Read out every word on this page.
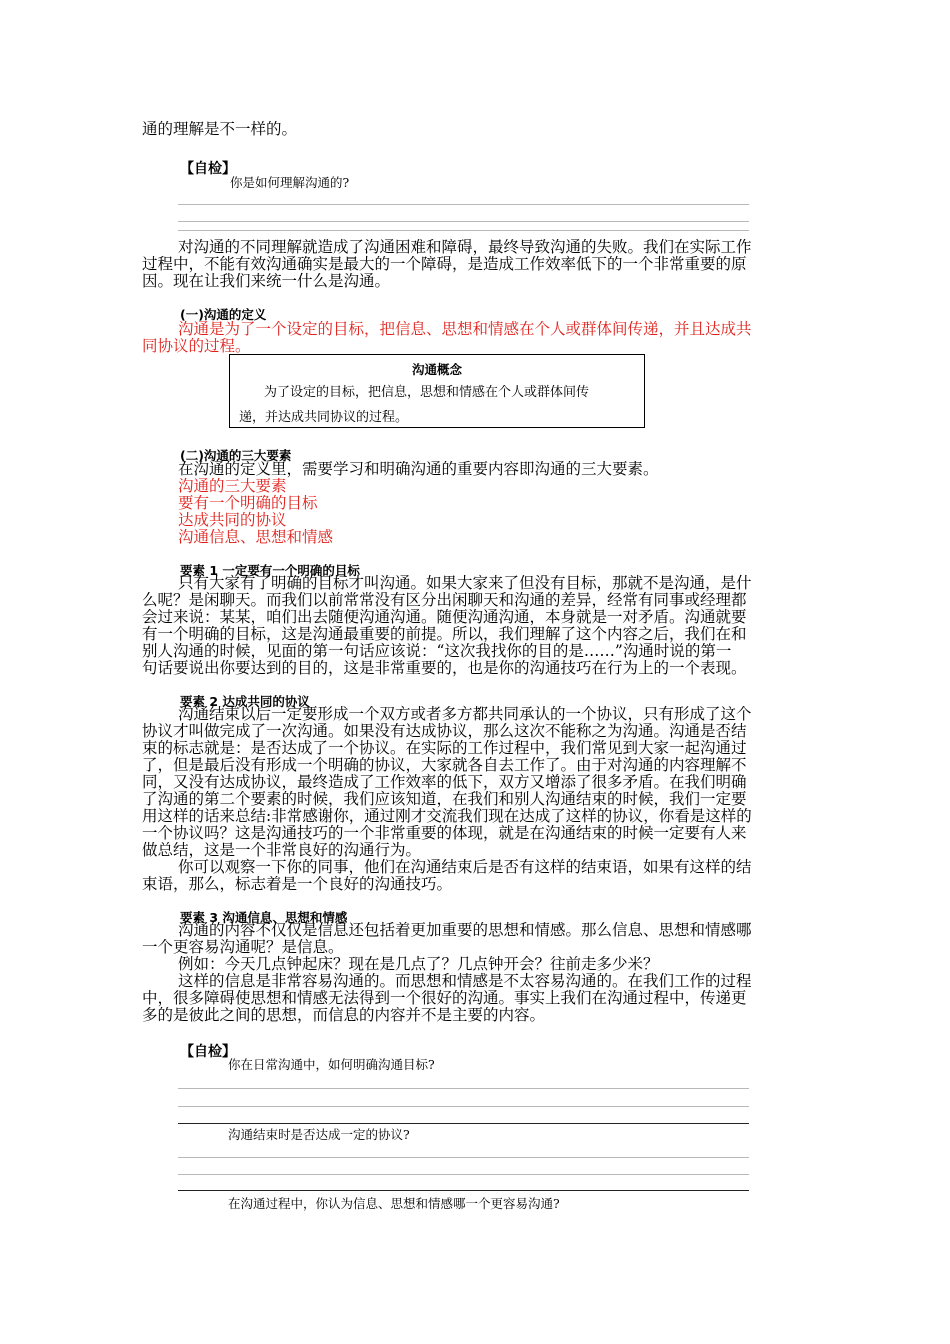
通的理解是不一样的。
【自检】
你是如何理解沟通的?
对沟通的不同理解就造成了沟通困难和障碍，最终导致沟通的失败。我们在实际工作
过程中，不能有效沟通确实是最大的一个障碍，是造成工作效率低下的一个非常重要的原
因。现在让我们来统一什么是沟通。
(一)沟通的定义
沟通是为了一个设定的目标，把信息、思想和情感在个人或群体间传递，并且达成共
同协议的过程。
沟通概念
为了设定的目标，把信息，思想和情感在个人或群体间传
递，并达成共同协议的过程。
(二)沟通的三大要素
在沟通的定义里，需要学习和明确沟通的重要内容即沟通的三大要素。
沟通的三大要素
要有一个明确的目标
达成共同的协议
沟通信息、思想和情感
要素 1 一定要有一个明确的目标
只有大家有了明确的目标才叫沟通。如果大家来了但没有目标，那就不是沟通，是什
么呢？是闲聊天。而我们以前常常没有区分出闲聊天和沟通的差异，经常有同事或经理都
会过来说：某某，咱们出去随便沟通沟通。随便沟通沟通，本身就是一对矛盾。沟通就要
有一个明确的目标，这是沟通最重要的前提。所以，我们理解了这个内容之后，我们在和
别人沟通的时候，见面的第一句话应该说：“这次我找你的目的是……”沟通时说的第一
句话要说出你要达到的目的，这是非常重要的，也是你的沟通技巧在行为上的一个表现。
要素 2 达成共同的协议
沟通结束以后一定要形成一个双方或者多方都共同承认的一个协议，只有形成了这个
协议才叫做完成了一次沟通。如果没有达成协议，那么这次不能称之为沟通。沟通是否结
束的标志就是：是否达成了一个协议。在实际的工作过程中，我们常见到大家一起沟通过
了，但是最后没有形成一个明确的协议，大家就各自去工作了。由于对沟通的内容理解不
同，又没有达成协议，最终造成了工作效率的低下，双方又增添了很多矛盾。在我们明确
了沟通的第二个要素的时候，我们应该知道，在我们和别人沟通结束的时候，我们一定要
用这样的话来总结:非常感谢你，通过刚才交流我们现在达成了这样的协议，你看是这样的
一个协议吗？这是沟通技巧的一个非常重要的体现，就是在沟通结束的时候一定要有人来
做总结，这是一个非常良好的沟通行为。
你可以观察一下你的同事，他们在沟通结束后是否有这样的结束语，如果有这样的结
束语，那么，标志着是一个良好的沟通技巧。
要素 3 沟通信息、思想和情感
沟通的内容不仅仅是信息还包括着更加重要的思想和情感。那么信息、思想和情感哪
一个更容易沟通呢？是信息。
例如：今天几点钟起床？现在是几点了？几点钟开会？往前走多少米？
这样的信息是非常容易沟通的。而思想和情感是不太容易沟通的。在我们工作的过程
中，很多障碍使思想和情感无法得到一个很好的沟通。事实上我们在沟通过程中，传递更
多的是彼此之间的思想，而信息的内容并不是主要的内容。
【自检】
你在日常沟通中，如何明确沟通目标?
沟通结束时是否达成一定的协议?
在沟通过程中，你认为信息、思想和情感哪一个更容易沟通?
